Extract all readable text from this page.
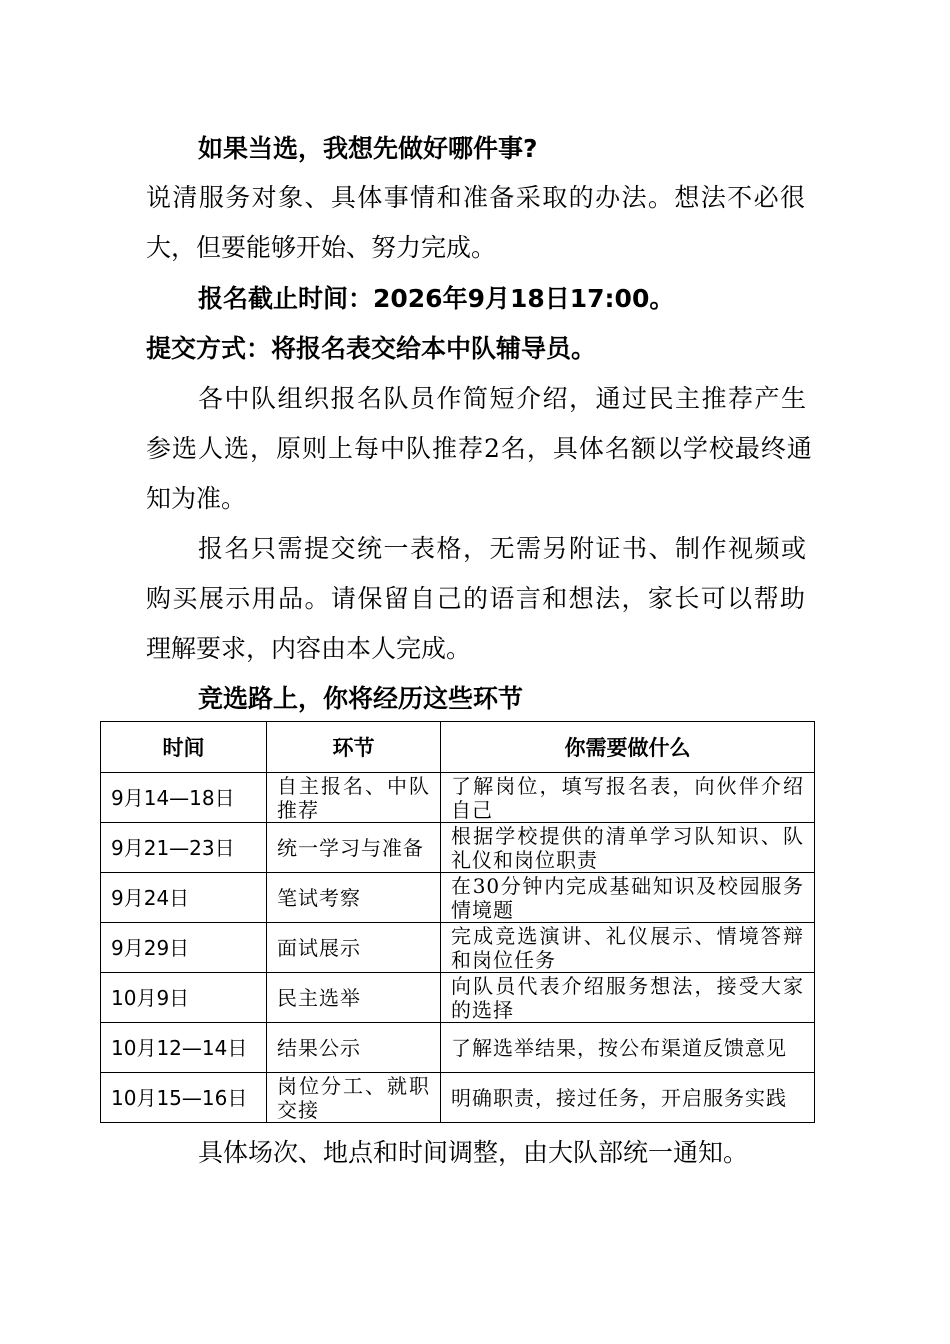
如果当选，我想先做好哪件事?
说清服务对象、具体事情和准备采取的办法。想法不必很
大，但要能够开始、努力完成。
报名截止时间：2026年9月18日17:00。
提交方式：将报名表交给本中队辅导员。
各中队组织报名队员作简短介绍，通过民主推荐产生
参选人选，原则上每中队推荐2名，具体名额以学校最终通
知为准。
报名只需提交统一表格，无需另附证书、制作视频或
购买展示用品。请保留自己的语言和想法，家长可以帮助
理解要求，内容由本人完成。
竞选路上，你将经历这些环节
时间	环节	你需要做什么
9月14—18日	自主报名、中队推荐	了解岗位，填写报名表，向伙伴介绍自己
9月21—23日	统一学习与准备	根据学校提供的清单学习队知识、队礼仪和岗位职责
9月24日	笔试考察	在30分钟内完成基础知识及校园服务情境题
9月29日	面试展示	完成竞选演讲、礼仪展示、情境答辩和岗位任务
10月9日	民主选举	向队员代表介绍服务想法，接受大家的选择
10月12—14日	结果公示	了解选举结果，按公布渠道反馈意见
10月15—16日	岗位分工、就职交接	明确职责，接过任务，开启服务实践
具体场次、地点和时间调整，由大队部统一通知。
